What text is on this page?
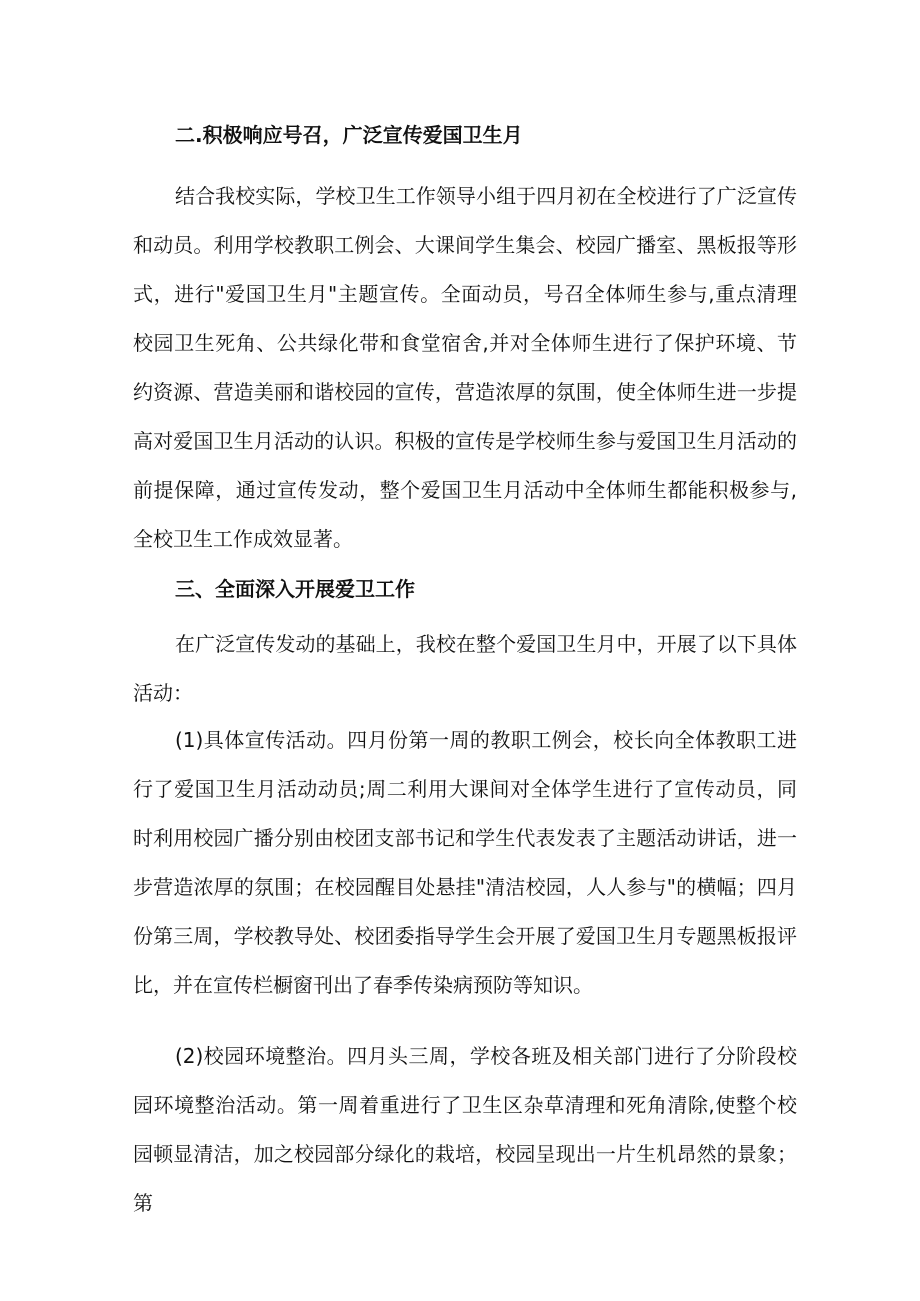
二.积极响应号召，广泛宣传爱国卫生月

结合我校实际，学校卫生工作领导小组于四月初在全校进行了广泛宣传和动员。利用学校教职工例会、大课间学生集会、校园广播室、黑板报等形式，进行"爱国卫生月"主题宣传。全面动员，号召全体师生参与,重点清理校园卫生死角、公共绿化带和食堂宿舍,并对全体师生进行了保护环境、节约资源、营造美丽和谐校园的宣传，营造浓厚的氛围，使全体师生进一步提高对爱国卫生月活动的认识。积极的宣传是学校师生参与爱国卫生月活动的前提保障，通过宣传发动，整个爱国卫生月活动中全体师生都能积极参与,全校卫生工作成效显著。

三、全面深入开展爱卫工作

在广泛宣传发动的基础上，我校在整个爱国卫生月中，开展了以下具体活动：

(1)具体宣传活动。四月份第一周的教职工例会，校长向全体教职工进行了爱国卫生月活动动员;周二利用大课间对全体学生进行了宣传动员，同时利用校园广播分别由校团支部书记和学生代表发表了主题活动讲话，进一步营造浓厚的氛围；在校园醒目处悬挂"清洁校园，人人参与"的横幅；四月份第三周，学校教导处、校团委指导学生会开展了爱国卫生月专题黑板报评比，并在宣传栏橱窗刊出了春季传染病预防等知识。

(2)校园环境整治。四月头三周，学校各班及相关部门进行了分阶段校园环境整治活动。第一周着重进行了卫生区杂草清理和死角清除,使整个校园顿显清洁，加之校园部分绿化的栽培，校园呈现出一片生机昂然的景象；第
